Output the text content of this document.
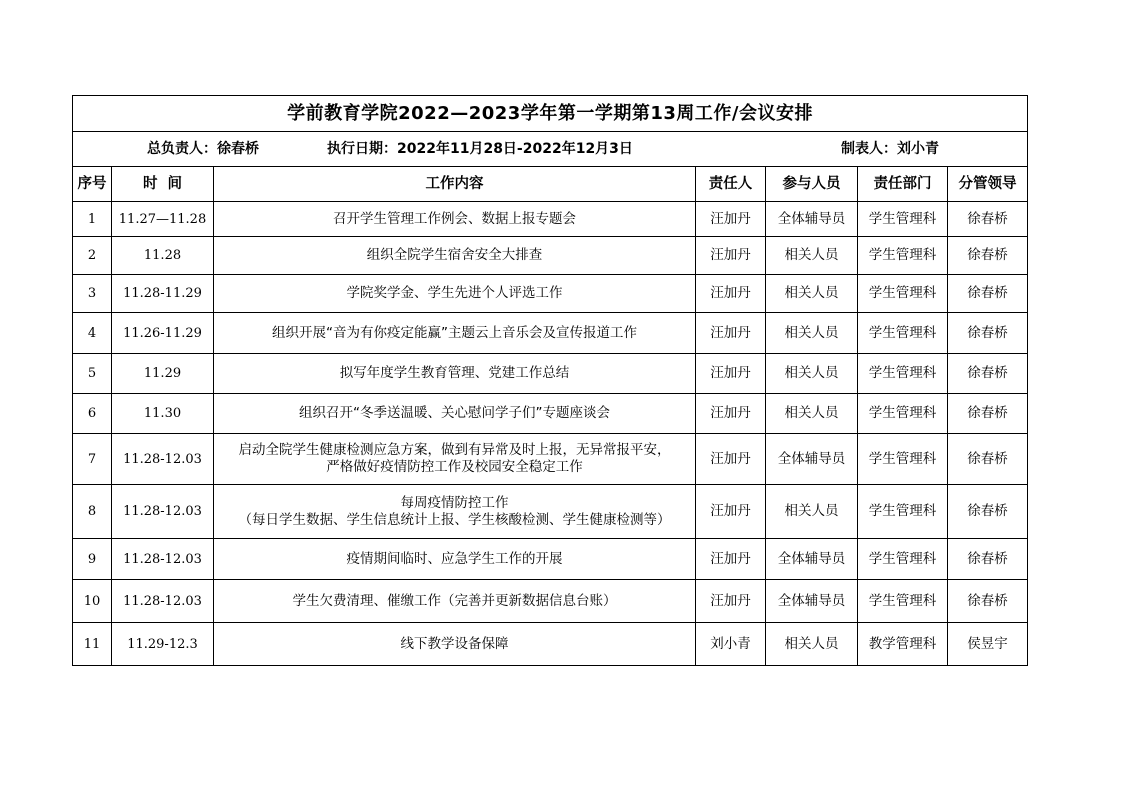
学前教育学院2022—2023学年第一学期第13周工作/会议安排						

总负责人：徐春桥 执行日期：2022年11月28日-2022年12月3日 制表人：刘小青						

序号	时间	工作内容	责任人	参与人员	责任部门	分管领导
1	11.27—11.28	召开学生管理工作例会、数据上报专题会	汪加丹	全体辅导员	学生管理科	徐春桥
2	11.28	组织全院学生宿舍安全大排查	汪加丹	相关人员	学生管理科	徐春桥
3	11.28-11.29	学院奖学金、学生先进个人评选工作	汪加丹	相关人员	学生管理科	徐春桥
4	11.26-11.29	组织开展“音为有你疫定能赢”主题云上音乐会及宣传报道工作	汪加丹	相关人员	学生管理科	徐春桥
5	11.29	拟写年度学生教育管理、党建工作总结	汪加丹	相关人员	学生管理科	徐春桥
6	11.30	组织召开“冬季送温暖、关心慰问学子们”专题座谈会	汪加丹	相关人员	学生管理科	徐春桥
7	11.28-12.03	启动全院学生健康检测应急方案，做到有异常及时上报，无异常报平安，
严格做好疫情防控工作及校园安全稳定工作	汪加丹	全体辅导员	学生管理科	徐春桥
8	11.28-12.03	每周疫情防控工作
（每日学生数据、学生信息统计上报、学生核酸检测、学生健康检测等）	汪加丹	相关人员	学生管理科	徐春桥
9	11.28-12.03	疫情期间临时、应急学生工作的开展	汪加丹	全体辅导员	学生管理科	徐春桥
10	11.28-12.03	学生欠费清理、催缴工作（完善并更新数据信息台账）	汪加丹	全体辅导员	学生管理科	徐春桥
11	11.29-12.3	线下教学设备保障	刘小青	相关人员	教学管理科	侯昱宇
